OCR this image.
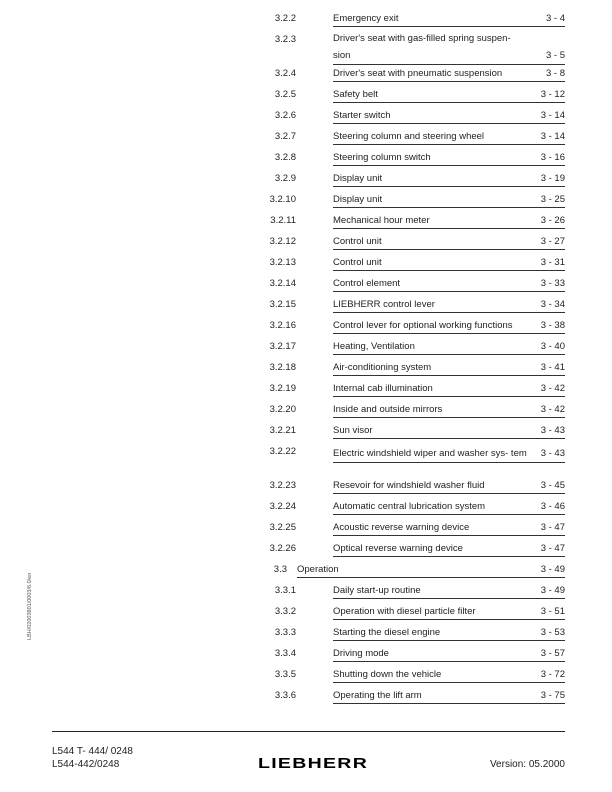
LBH/02003801/0003/6.0/en
3.2.2	Emergency exit	3 - 4
3.2.3	Driver's seat with gas-filled spring suspen- sion	3 - 5
3.2.4	Driver's seat with pneumatic suspension	3 - 8
3.2.5	Safety belt	3 - 12
3.2.6	Starter switch	3 - 14
3.2.7	Steering column and steering wheel	3 - 14
3.2.8	Steering column switch	3 - 16
3.2.9	Display unit	3 - 19
3.2.10	Display unit	3 - 25
3.2.11	Mechanical hour meter	3 - 26
3.2.12	Control unit	3 - 27
3.2.13	Control unit	3 - 31
3.2.14	Control element	3 - 33
3.2.15	LIEBHERR control lever	3 - 34
3.2.16	Control lever for optional working functions	3 - 38
3.2.17	Heating, Ventilation	3 - 40
3.2.18	Air-conditioning system	3 - 41
3.2.19	Internal cab illumination	3 - 42
3.2.20	Inside and outside mirrors	3 - 42
3.2.21	Sun visor	3 - 43
3.2.22	Electric windshield wiper and washer sys- tem 3 - 43
3.2.23	Resevoir for windshield washer fluid	3 - 45
3.2.24	Automatic central lubrication system	3 - 46
3.2.25	Acoustic reverse warning device	3 - 47
3.2.26	Optical reverse warning device	3 - 47
3.3 Operation	3 - 49
3.3.1	Daily start-up routine	3 - 49
3.3.2	Operation with diesel particle filter	3 - 51
3.3.3	Starting the diesel engine	3 - 53
3.3.4	Driving mode	3 - 57
3.3.5	Shutting down the vehicle	3 - 72
3.3.6	Operating the lift arm	3 - 75
L544 T- 444/ 0248
L544-442/0248	LIEBHERR	Version: 05.2000
